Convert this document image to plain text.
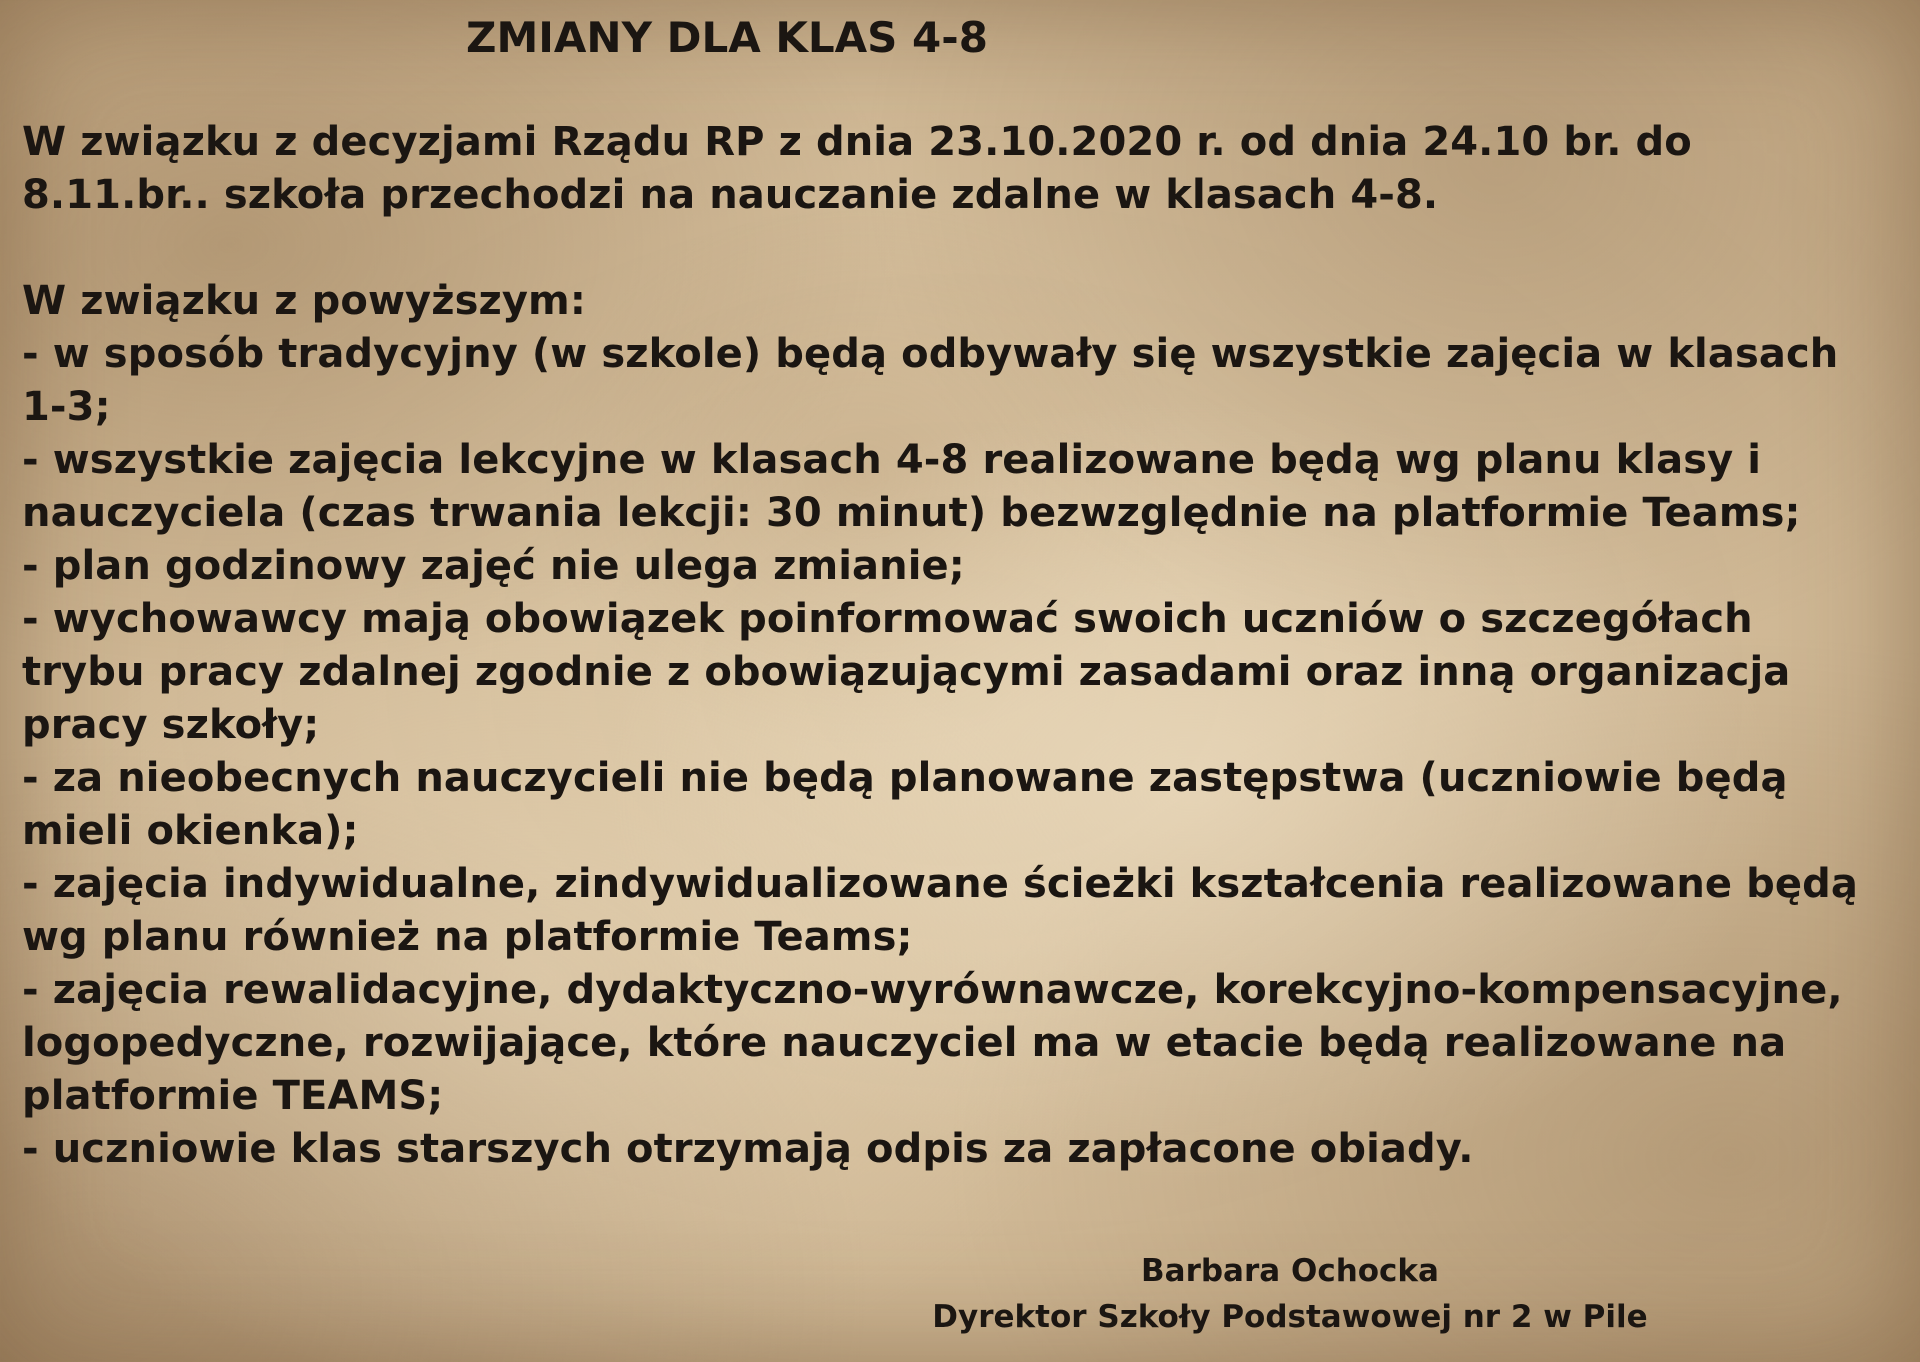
ZMIANY DLA KLAS 4-8
W związku z decyzjami Rządu RP z dnia 23.10.2020 r. od dnia 24.10 br. do
8.11.br.. szkoła przechodzi na nauczanie zdalne w klasach 4-8.
W związku z powyższym:
- w sposób tradycyjny (w szkole) będą odbywały się wszystkie zajęcia w klasach
1-3;
- wszystkie zajęcia lekcyjne w klasach 4-8 realizowane będą wg planu klasy i
nauczyciela (czas trwania lekcji: 30 minut) bezwzględnie na platformie Teams;
- plan godzinowy zajęć nie ulega zmianie;
- wychowawcy mają obowiązek poinformować swoich uczniów o szczegółach
trybu pracy zdalnej zgodnie z obowiązującymi zasadami oraz inną organizacja
pracy szkoły;
- za nieobecnych nauczycieli nie będą planowane zastępstwa (uczniowie będą
mieli okienka);
- zajęcia indywidualne, zindywidualizowane ścieżki kształcenia realizowane będą
wg planu również na platformie Teams;
- zajęcia rewalidacyjne, dydaktyczno-wyrównawcze, korekcyjno-kompensacyjne,
logopedyczne, rozwijające, które nauczyciel ma w etacie będą realizowane na
platformie TEAMS;
- uczniowie klas starszych otrzymają odpis za zapłacone obiady.
Barbara Ochocka
Dyrektor Szkoły Podstawowej nr 2 w Pile
